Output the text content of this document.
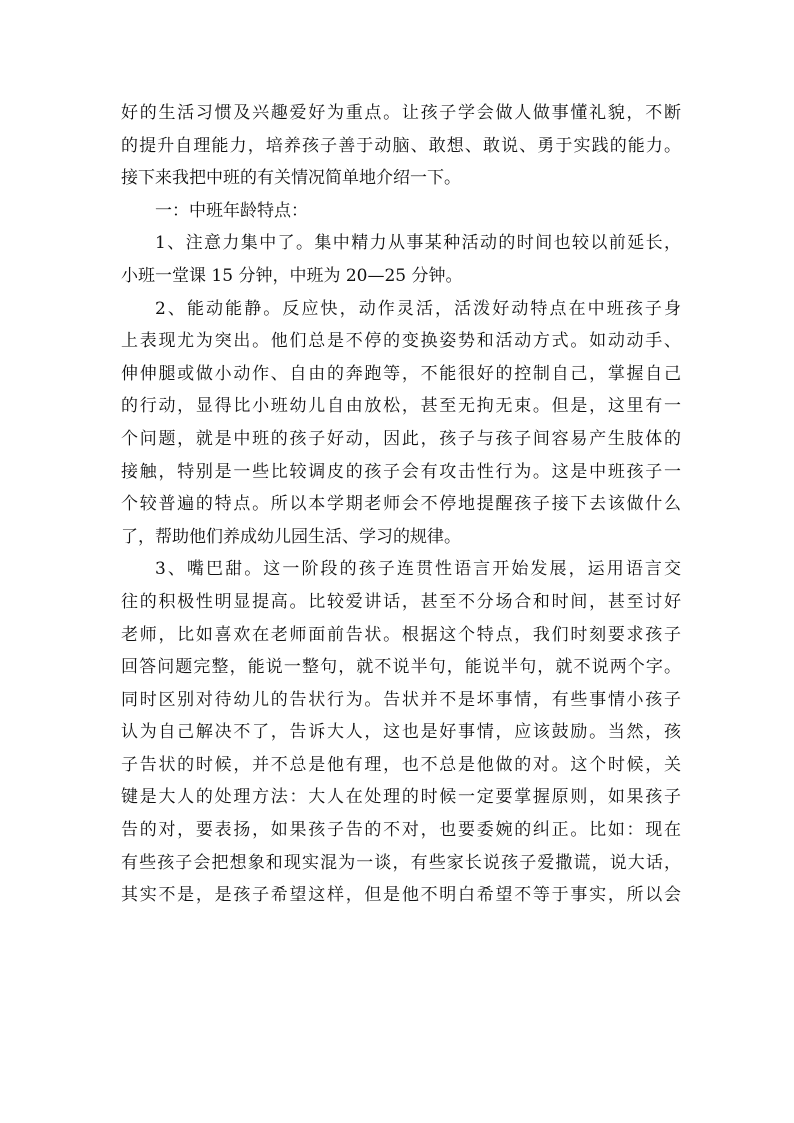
好的生活习惯及兴趣爱好为重点。让孩子学会做人做事懂礼貌，不断
的提升自理能力，培养孩子善于动脑、敢想、敢说、勇于实践的能力。
接下来我把中班的有关情况简单地介绍一下。
一：中班年龄特点：
1、注意力集中了。集中精力从事某种活动的时间也较以前延长，
小班一堂课 15 分钟，中班为 20—25 分钟。
2、能动能静。反应快，动作灵活，活泼好动特点在中班孩子身
上表现尤为突出。他们总是不停的变换姿势和活动方式。如动动手、
伸伸腿或做小动作、自由的奔跑等，不能很好的控制自己，掌握自己
的行动，显得比小班幼儿自由放松，甚至无拘无束。但是，这里有一
个问题，就是中班的孩子好动，因此，孩子与孩子间容易产生肢体的
接触，特别是一些比较调皮的孩子会有攻击性行为。这是中班孩子一
个较普遍的特点。所以本学期老师会不停地提醒孩子接下去该做什么
了，帮助他们养成幼儿园生活、学习的规律。
3、嘴巴甜。这一阶段的孩子连贯性语言开始发展，运用语言交
往的积极性明显提高。比较爱讲话，甚至不分场合和时间，甚至讨好
老师，比如喜欢在老师面前告状。根据这个特点，我们时刻要求孩子
回答问题完整，能说一整句，就不说半句，能说半句，就不说两个字。
同时区别对待幼儿的告状行为。告状并不是坏事情，有些事情小孩子
认为自己解决不了，告诉大人，这也是好事情，应该鼓励。当然，孩
子告状的时候，并不总是他有理，也不总是他做的对。这个时候，关
键是大人的处理方法：大人在处理的时候一定要掌握原则，如果孩子
告的对，要表扬，如果孩子告的不对，也要委婉的纠正。比如：现在
有些孩子会把想象和现实混为一谈，有些家长说孩子爱撒谎，说大话，
其实不是，是孩子希望这样，但是他不明白希望不等于事实，所以会
